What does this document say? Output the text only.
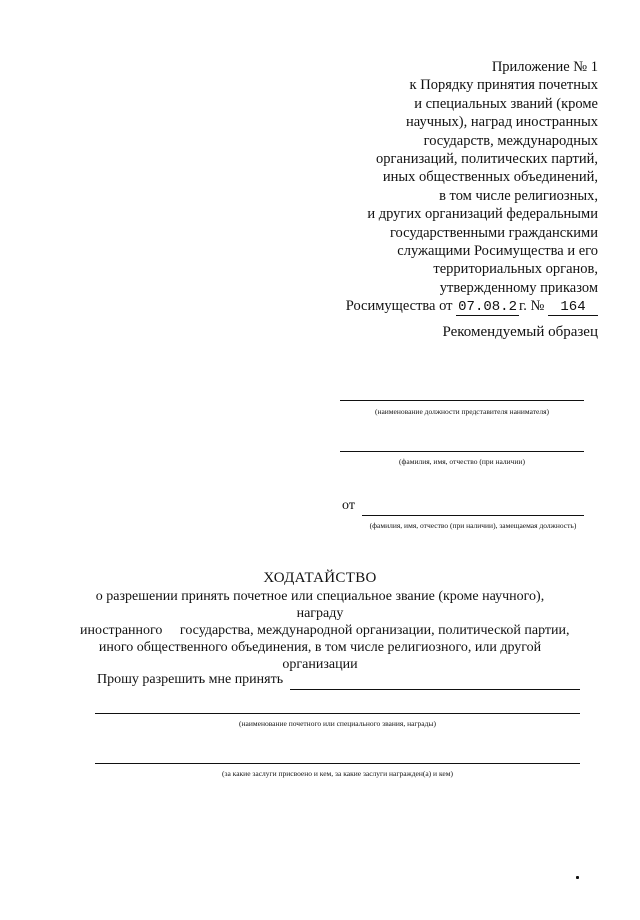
Приложение № 1
к Порядку принятия почетных
и специальных званий (кроме
научных), наград иностранных
государств, международных
организаций, политических партий,
иных общественных объединений,
в том числе религиозных,
и других организаций федеральными
государственными гражданскими
служащими Росимущества и его
территориальных органов,
утвержденному приказом
Росимущества от 07.08.2 г. № 164
Рекомендуемый образец
(наименование должности представителя нанимателя)
(фамилия, имя, отчество (при наличии)
от
(фамилия, имя, отчество (при наличии), замещаемая должность)
ХОДАТАЙСТВО
о разрешении принять почетное или специальное звание (кроме научного), награду
иностранного     государства, международной организации, политической партии,
иного общественного объединения, в том числе религиозного, или другой
организации
Прошу разрешить мне принять
(наименование почетного или специального звания, награды)
(за какие заслуги присвоено и кем, за какие заслуги награжден(а) и кем)
